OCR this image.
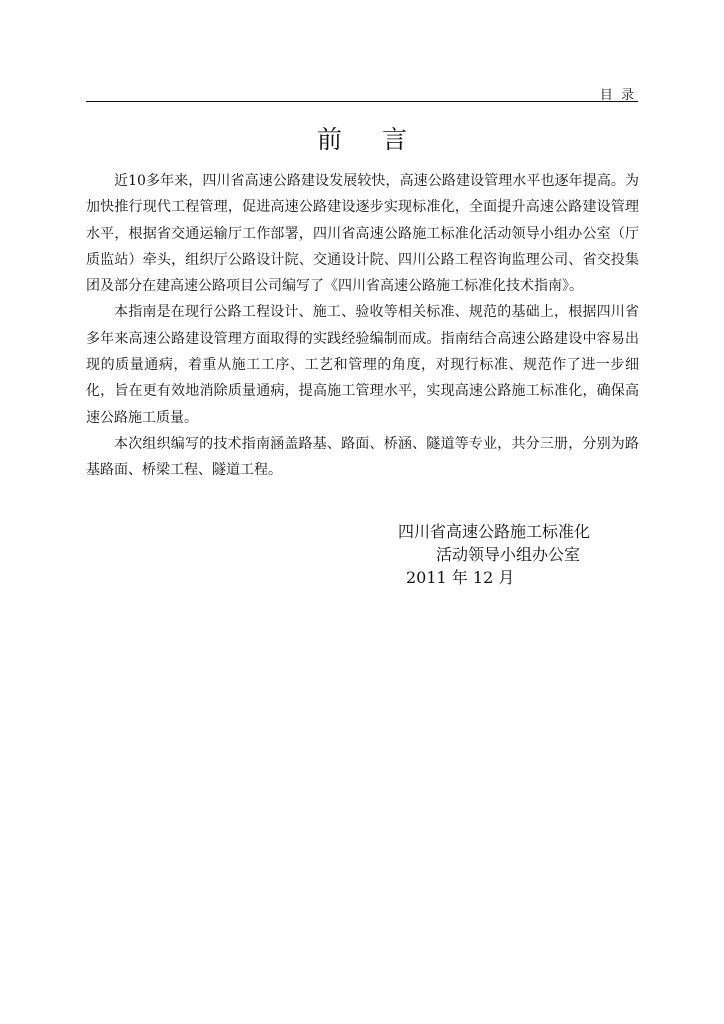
目 录
前言

近10多年来，四川省高速公路建设发展较快，高速公路建设管理水平也逐年提高。为加快推行现代工程管理，促进高速公路建设逐步实现标准化，全面提升高速公路建设管理水平，根据省交通运输厅工作部署，四川省高速公路施工标准化活动领导小组办公室（厅质监站）牵头，组织厅公路设计院、交通设计院、四川公路工程咨询监理公司、省交投集团及部分在建高速公路项目公司编写了《四川省高速公路施工标准化技术指南》。

本指南是在现行公路工程设计、施工、验收等相关标准、规范的基础上，根据四川省多年来高速公路建设管理方面取得的实践经验编制而成。指南结合高速公路建设中容易出现的质量通病，着重从施工工序、工艺和管理的角度，对现行标准、规范作了进一步细化，旨在更有效地消除质量通病，提高施工管理水平，实现高速公路施工标准化，确保高速公路施工质量。

本次组织编写的技术指南涵盖路基、路面、桥涵、隧道等专业，共分三册，分别为路基路面、桥梁工程、隧道工程。

四川省高速公路施工标准化
活动领导小组办公室
2011 年 12 月
